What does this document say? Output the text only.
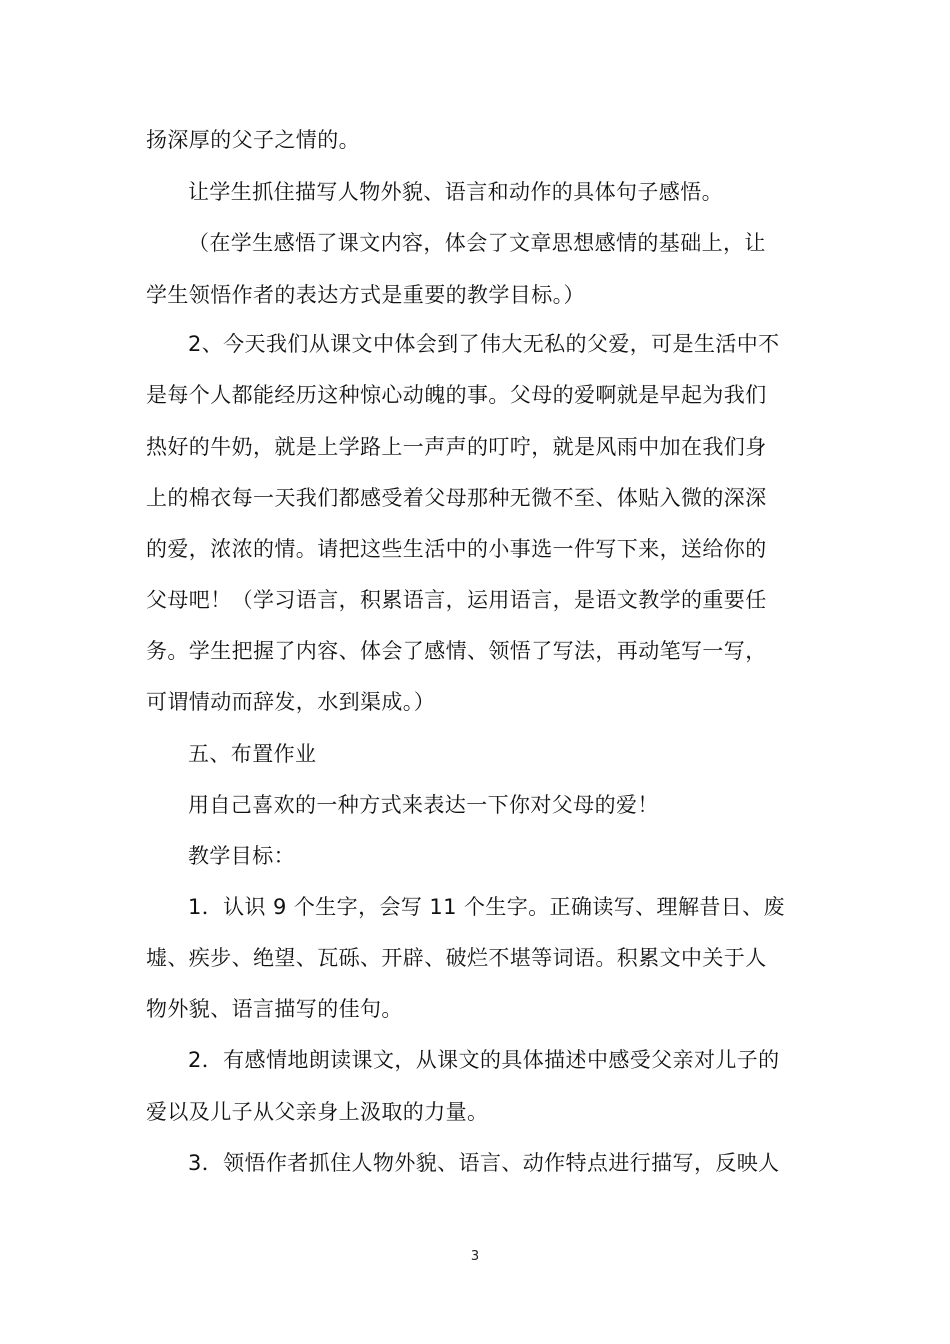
扬深厚的父子之情的。
让学生抓住描写人物外貌、语言和动作的具体句子感悟。
（在学生感悟了课文内容，体会了文章思想感情的基础上，让
学生领悟作者的表达方式是重要的教学目标。）
2、今天我们从课文中体会到了伟大无私的父爱，可是生活中不
是每个人都能经历这种惊心动魄的事。父母的爱啊就是早起为我们
热好的牛奶，就是上学路上一声声的叮咛，就是风雨中加在我们身
上的棉衣每一天我们都感受着父母那种无微不至、体贴入微的深深
的爱，浓浓的情。请把这些生活中的小事选一件写下来，送给你的
父母吧！（学习语言，积累语言，运用语言，是语文教学的重要任
务。学生把握了内容、体会了感情、领悟了写法，再动笔写一写，
可谓情动而辞发，水到渠成。）
五、布置作业
用自己喜欢的一种方式来表达一下你对父母的爱！
教学目标：
1．认识 9 个生字，会写 11 个生字。正确读写、理解昔日、废
墟、疾步、绝望、瓦砾、开辟、破烂不堪等词语。积累文中关于人
物外貌、语言描写的佳句。
2．有感情地朗读课文，从课文的具体描述中感受父亲对儿子的
爱以及儿子从父亲身上汲取的力量。
3．领悟作者抓住人物外貌、语言、动作特点进行描写，反映人
3
